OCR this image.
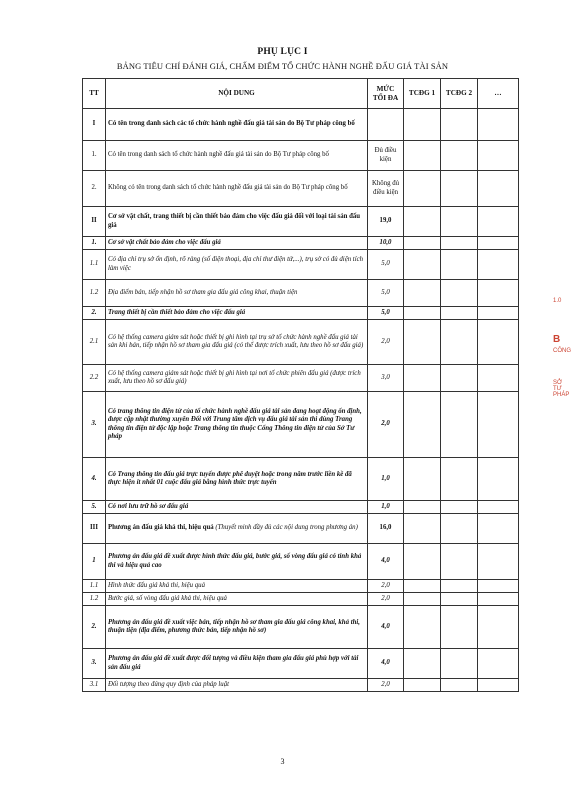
PHỤ LỤC I
BẢNG TIÊU CHÍ ĐÁNH GIÁ, CHẤM ĐIỂM TỔ CHỨC HÀNH NGHỀ ĐẤU GIÁ TÀI SẢN
TT	NỘI DUNG	MỨC TỐI ĐA	TCĐG 1	TCĐG 2	…
I	Có tên trong danh sách các tổ chức hành nghề đấu giá tài sản do Bộ Tư pháp công bố				
1.	Có tên trong danh sách tổ chức hành nghề đấu giá tài sản do Bộ Tư pháp công bố	Đủ điều kiện			
2.	Không có tên trong danh sách tổ chức hành nghề đấu giá tài sản do Bộ Tư pháp công bố	Không đủ điều kiện			
II	Cơ sở vật chất, trang thiết bị cần thiết bảo đảm cho việc đấu giá đối với loại tài sản đấu giá	19,0			
1.	Cơ sở vật chất bảo đảm cho việc đấu giá	10,0			
1.1	Có địa chỉ trụ sở ổn định, rõ ràng (số điện thoại, địa chỉ thư điện tử,...), trụ sở có đủ diện tích làm việc	5,0			
1.2	Địa điểm bán, tiếp nhận hồ sơ tham gia đấu giá công khai, thuận tiện	5,0			
2.	Trang thiết bị cần thiết bảo đảm cho việc đấu giá	5,0			
2.1	Có hệ thống camera giám sát hoặc thiết bị ghi hình tại trụ sở tổ chức hành nghề đấu giá tài sản khi bán, tiếp nhận hồ sơ tham gia đấu giá (có thể được trích xuất, lưu theo hồ sơ đấu giá)	2,0			
2.2	Có hệ thống camera giám sát hoặc thiết bị ghi hình tại nơi tổ chức phiên đấu giá (được trích xuất, lưu theo hồ sơ đấu giá)	3,0			
3.	Có trang thông tin điện tử của tổ chức hành nghề đấu giá tài sản đang hoạt động ổn định, được cập nhật thường xuyên Đối với Trung tâm dịch vụ đấu giá tài sản thì dùng Trang thông tin điện tử độc lập hoặc Trang thông tin thuộc Cổng Thông tin điện tử của Sở Tư pháp	2,0			
4.	Có Trang thông tin đấu giá trực tuyến được phê duyệt hoặc trong năm trước liền kề đã thực hiện ít nhất 01 cuộc đấu giá bằng hình thức trực tuyến	1,0			
5.	Có nơi lưu trữ hồ sơ đấu giá	1,0			
III	Phương án đấu giá khả thi, hiệu quả (Thuyết minh đầy đủ các nội dung trong phương án)	16,0			
1	Phương án đấu giá đề xuất được hình thức đấu giá, bước giá, số vòng đấu giá có tính khả thi và hiệu quả cao	4,0			
1.1	Hình thức đấu giá khả thi, hiệu quả	2,0			
1.2	Bước giá, số vòng đấu giá khả thi, hiệu quả	2,0			
2.	Phương án đấu giá đề xuất việc bán, tiếp nhận hồ sơ tham gia đấu giá công khai, khả thi, thuận tiện (địa điểm, phương thức bán, tiếp nhận hồ sơ)	4,0			
3.	Phương án đấu giá đề xuất được đối tượng và điều kiện tham gia đấu giá phù hợp với tài sản đấu giá	4,0			
3.1	Đối tượng theo đúng quy định của pháp luật	2,0			
3
1.0
B
CÔNG
SỞ TƯ PHÁP
